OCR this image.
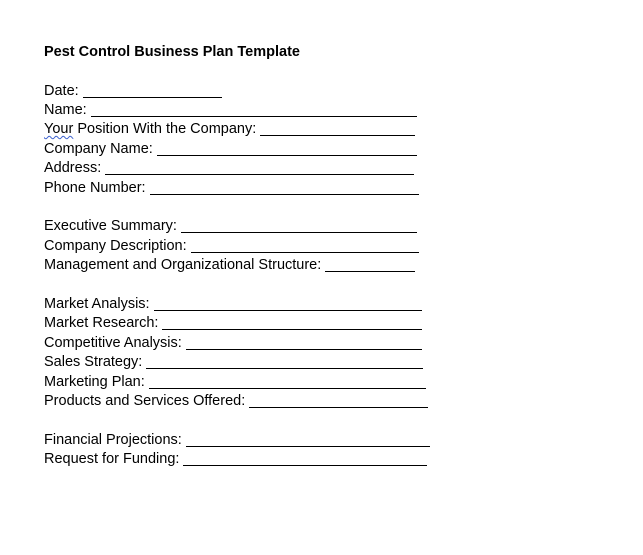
Pest Control Business Plan Template
Date:
Name:
Your Position With the Company:
Company Name:
Address:
Phone Number:
Executive Summary:
Company Description:
Management and Organizational Structure:
Market Analysis:
Market Research:
Competitive Analysis:
Sales Strategy:
Marketing Plan:
Products and Services Offered:
Financial Projections:
Request for Funding:
